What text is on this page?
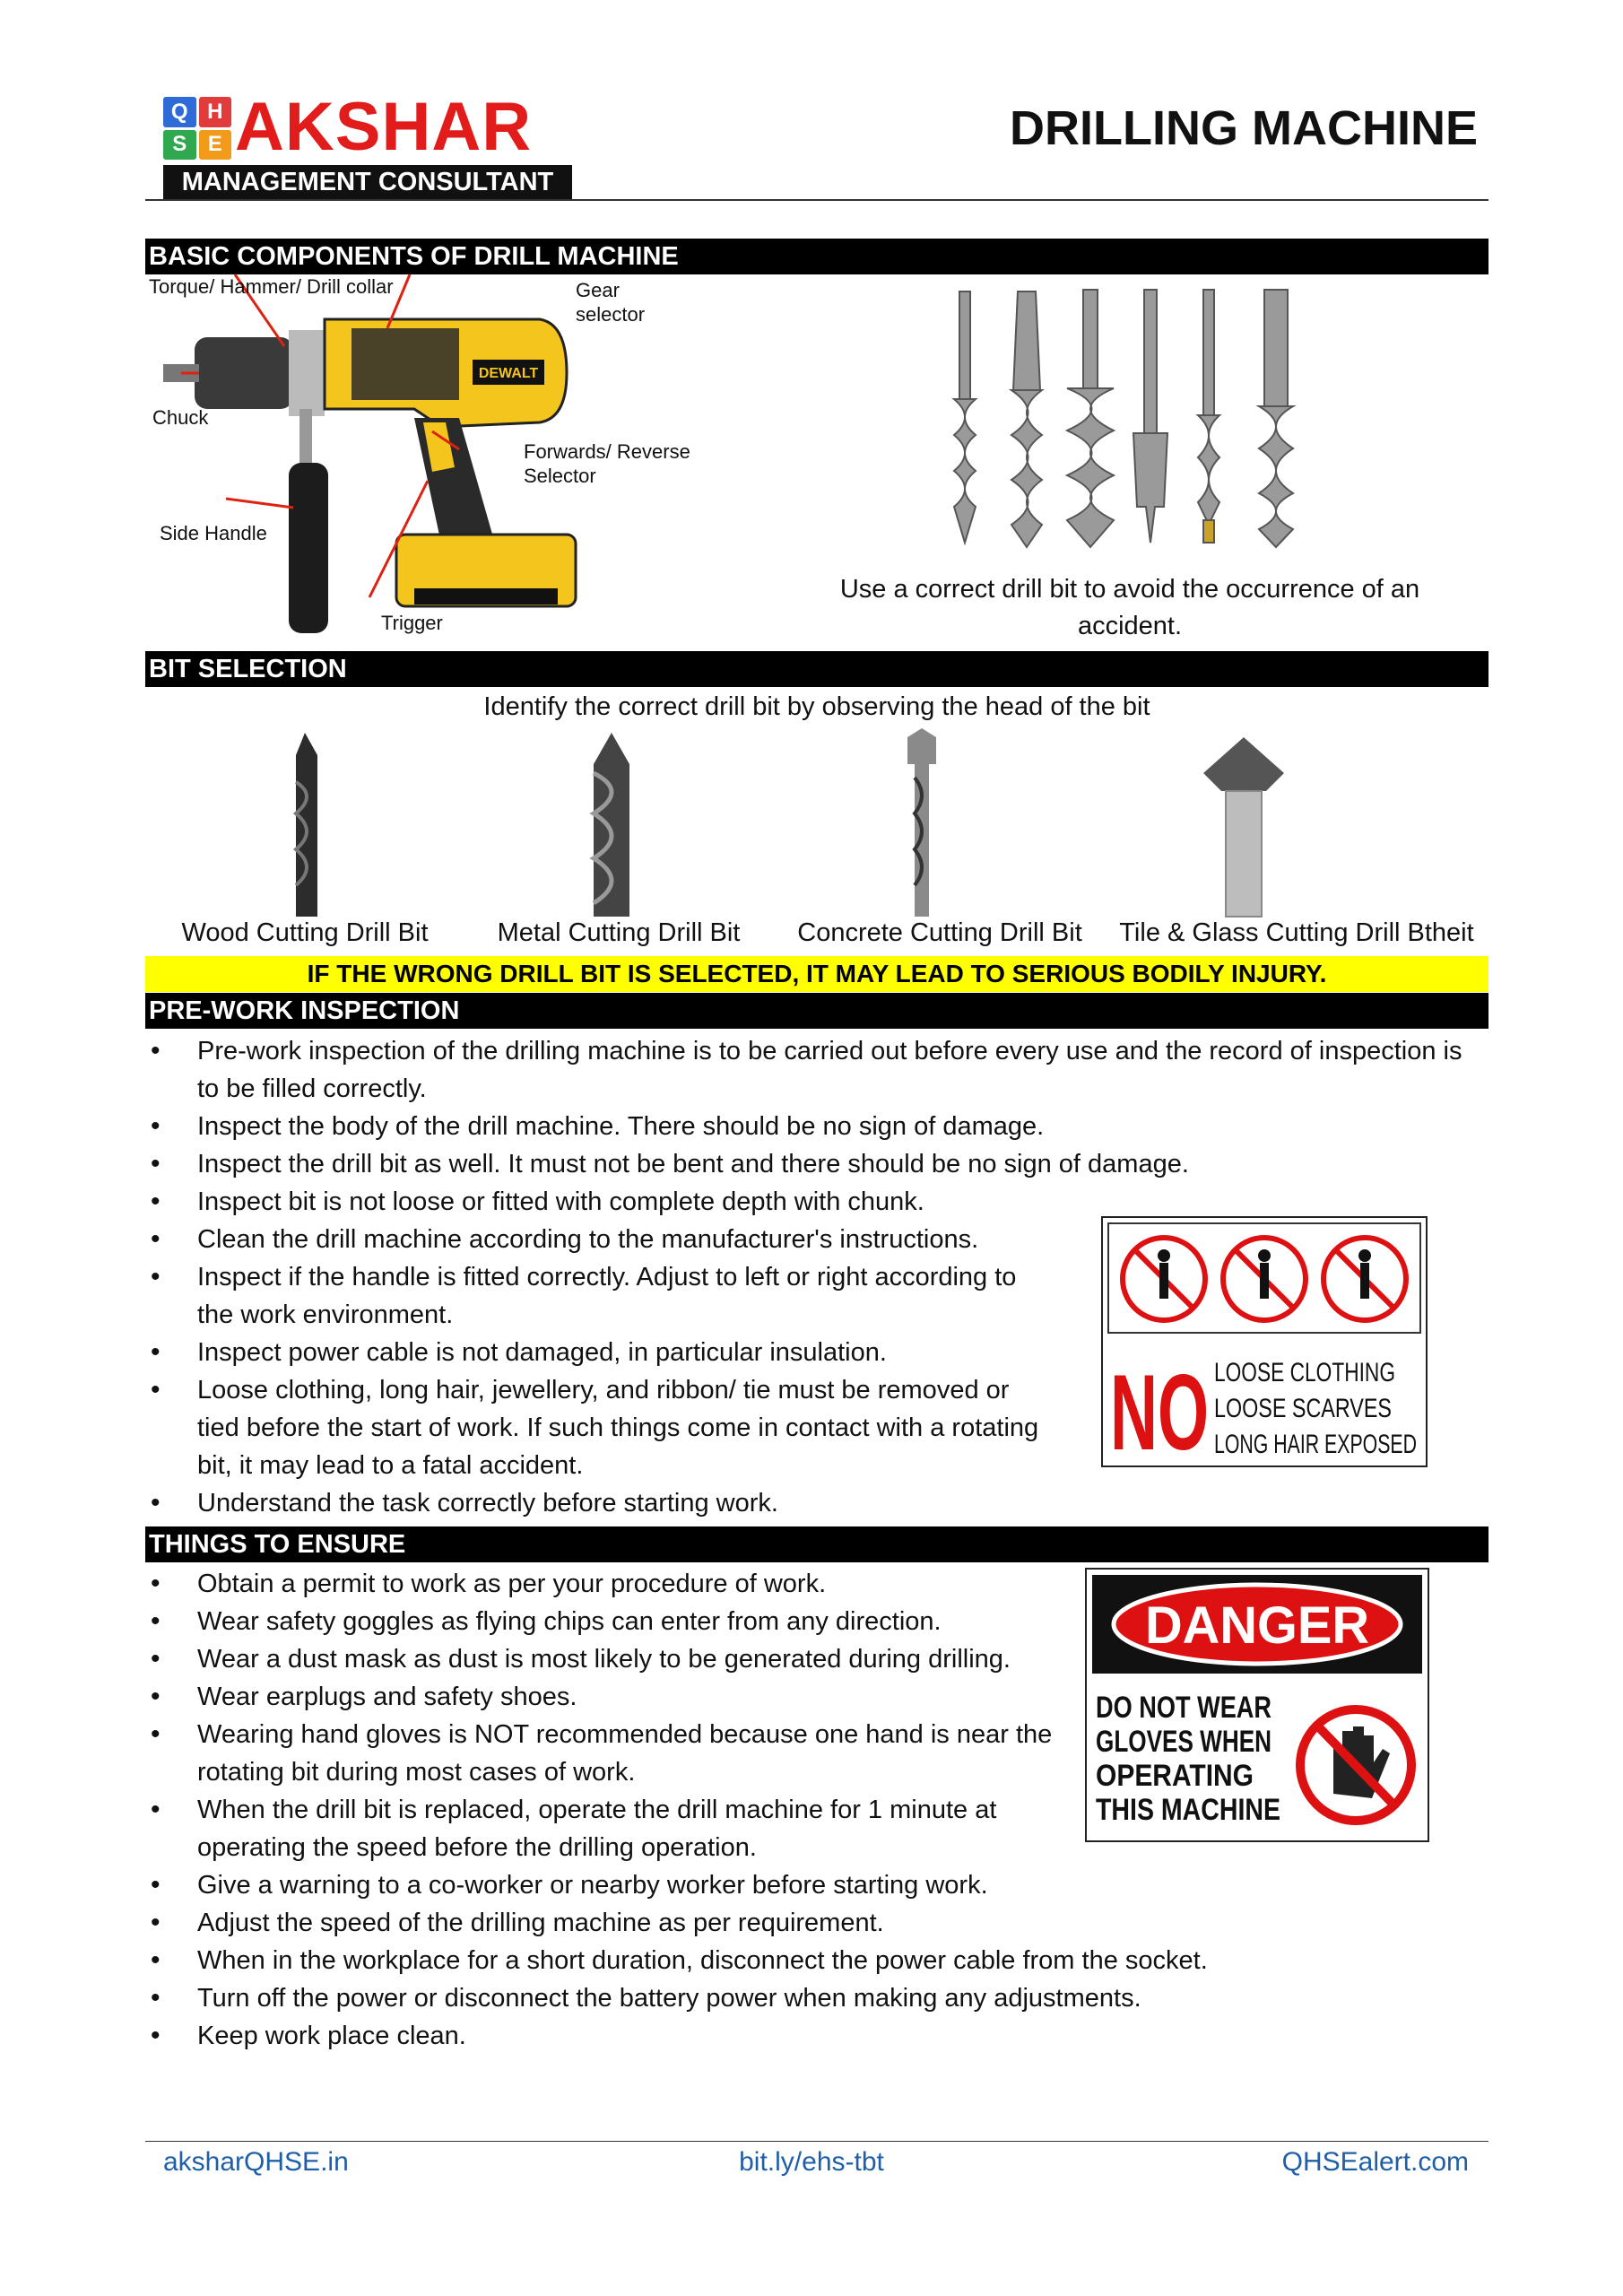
Q H
S E AKSHAR
MANAGEMENT CONSULTANT
DRILLING MACHINE
BASIC COMPONENTS OF DRILL MACHINE
DEWALT
Torque/ Hammer/ Drill collar	Gear
selector
Chuck
Forwards/ Reverse
Selector
Side Handle
Trigger
Use a correct drill bit to avoid the occurrence of an
accident.
BIT SELECTION
Identify the correct drill bit by observing the head of the bit
Wood Cutting Drill Bit	Metal Cutting Drill Bit	Concrete Cutting Drill Bit	Tile & Glass Cutting Drill Btheit
IF THE WRONG DRILL BIT IS SELECTED, IT MAY LEAD TO SERIOUS BODILY INJURY.
PRE-WORK INSPECTION
• Pre-work inspection of the drilling machine is to be carried out before every use and the record of inspection is to be filled correctly.
• Inspect the body of the drill machine. There should be no sign of damage.
• Inspect the drill bit as well. It must not be bent and there should be no sign of damage.
• Inspect bit is not loose or fitted with complete depth with chunk.
• Clean the drill machine according to the manufacturer's instructions.
• Inspect if the handle is fitted correctly. Adjust to left or right according to the work environment.
• Inspect power cable is not damaged, in particular insulation.
• Loose clothing, long hair, jewellery, and ribbon/ tie must be removed or tied before the start of work. If such things come in contact with a rotating bit, it may lead to a fatal accident.
• Understand the task correctly before starting work.
NO LOOSE CLOTHING
LOOSE SCARVES
LONG HAIR EXPOSED
THINGS TO ENSURE
• Obtain a permit to work as per your procedure of work.
• Wear safety goggles as flying chips can enter from any direction.
• Wear a dust mask as dust is most likely to be generated during drilling.
• Wear earplugs and safety shoes.
• Wearing hand gloves is NOT recommended because one hand is near the rotating bit during most cases of work.
• When the drill bit is replaced, operate the drill machine for 1 minute at operating the speed before the drilling operation.
• Give a warning to a co-worker or nearby worker before starting work.
• Adjust the speed of the drilling machine as per requirement.
• When in the workplace for a short duration, disconnect the power cable from the socket.
• Turn off the power or disconnect the battery power when making any adjustments.
• Keep work place clean.
DANGER
DO NOT WEAR
GLOVES WHEN
OPERATING
THIS MACHINE
aksharQHSE.in	bit.ly/ehs-tbt	QHSEalert.com
